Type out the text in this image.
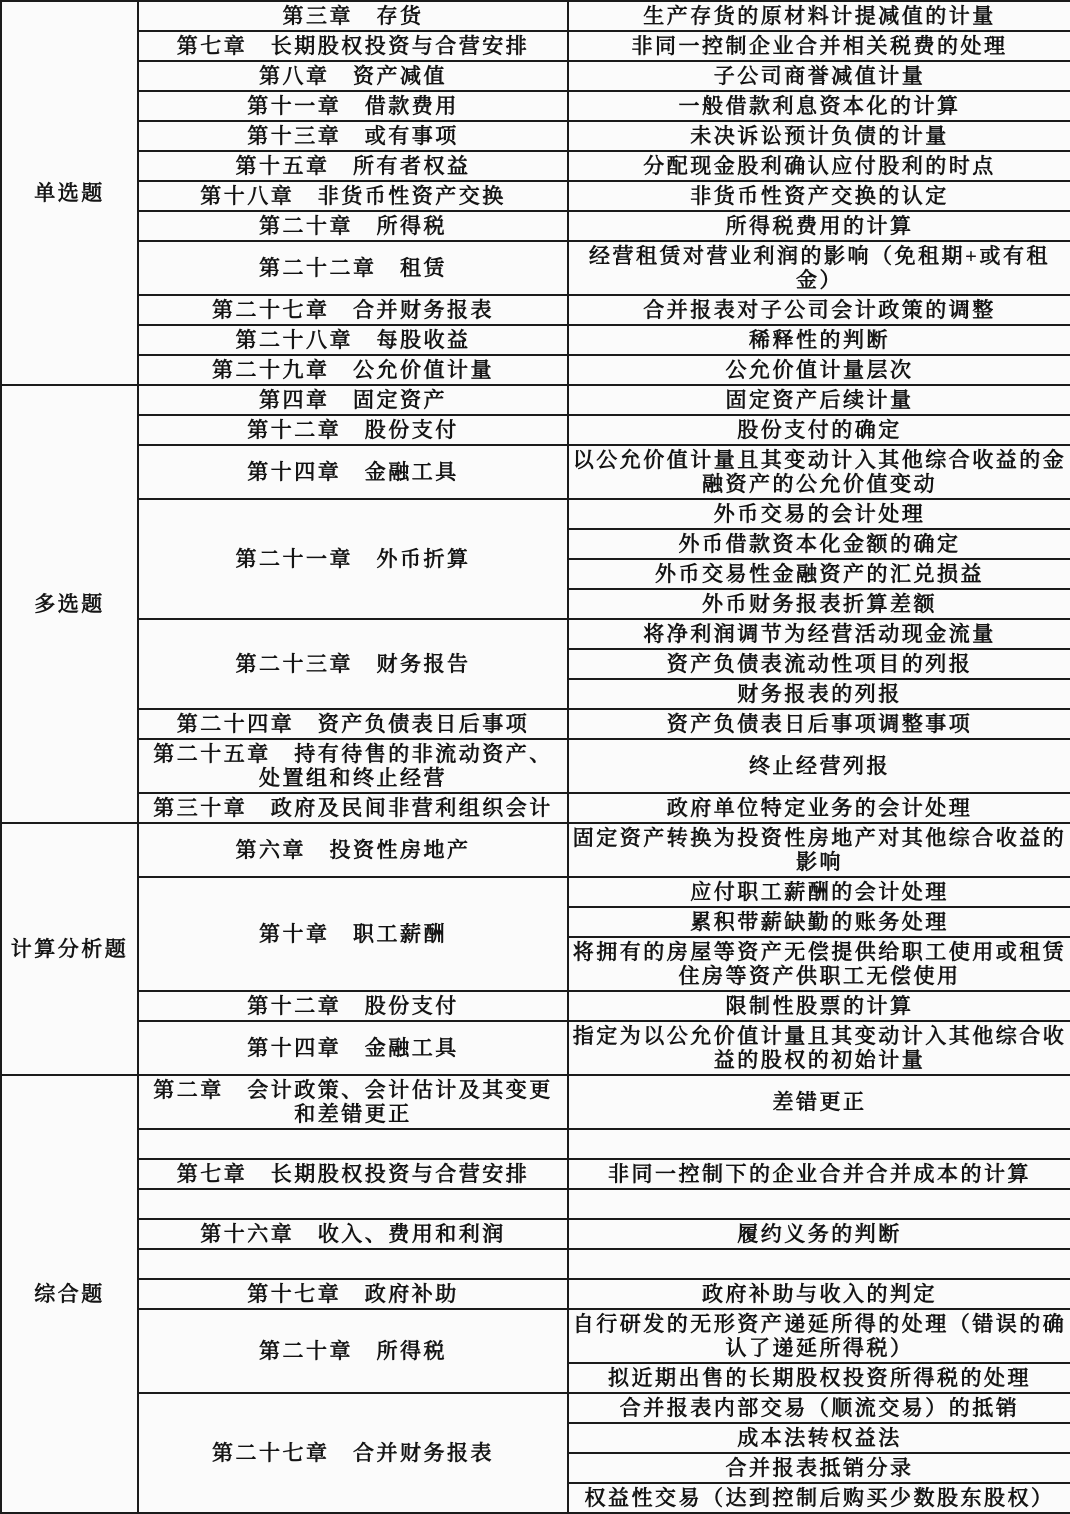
单选题	第三章　存货	生产存货的原材料计提减值的计量
	第七章　长期股权投资与合营安排	非同一控制企业合并相关税费的处理
	第八章　资产减值	子公司商誉减值计量
	第十一章　借款费用	一般借款利息资本化的计算
	第十三章　或有事项	未决诉讼预计负债的计量
	第十五章　所有者权益	分配现金股利确认应付股利的时点
	第十八章　非货币性资产交换	非货币性资产交换的认定
	第二十章　所得税	所得税费用的计算
	第二十二章　租赁	经营租赁对营业利润的影响（免租期+或有租金）
	第二十七章　合并财务报表	合并报表对子公司会计政策的调整
	第二十八章　每股收益	稀释性的判断
	第二十九章　公允价值计量	公允价值计量层次
多选题	第四章　固定资产	固定资产后续计量
	第十二章　股份支付	股份支付的确定
	第十四章　金融工具	以公允价值计量且其变动计入其他综合收益的金融资产的公允价值变动
	第二十一章　外币折算	外币交易的会计处理
		外币借款资本化金额的确定
		外币交易性金融资产的汇兑损益
		外币财务报表折算差额
	第二十三章　财务报告	将净利润调节为经营活动现金流量
		资产负债表流动性项目的列报
		财务报表的列报
	第二十四章　资产负债表日后事项	资产负债表日后事项调整事项
	第二十五章　持有待售的非流动资产、处置组和终止经营	终止经营列报
	第三十章　政府及民间非营利组织会计	政府单位特定业务的会计处理
计算分析题	第六章　投资性房地产	固定资产转换为投资性房地产对其他综合收益的影响
	第十章　职工薪酬	应付职工薪酬的会计处理
		累积带薪缺勤的账务处理
		将拥有的房屋等资产无偿提供给职工使用或租赁住房等资产供职工无偿使用
	第十二章　股份支付	限制性股票的计算
	第十四章　金融工具	指定为以公允价值计量且其变动计入其他综合收益的股权的初始计量
综合题	第二章　会计政策、会计估计及其变更和差错更正	差错更正

	第七章　长期股权投资与合营安排	非同一控制下的企业合并合并成本的计算

	第十六章　收入、费用和利润	履约义务的判断

	第十七章　政府补助	政府补助与收入的判定
	第二十章　所得税	自行研发的无形资产递延所得的处理（错误的确认了递延所得税）
		拟近期出售的长期股权投资所得税的处理
	第二十七章　合并财务报表	合并报表内部交易（顺流交易）的抵销
		成本法转权益法
		合并报表抵销分录
		权益性交易（达到控制后购买少数股东股权）
